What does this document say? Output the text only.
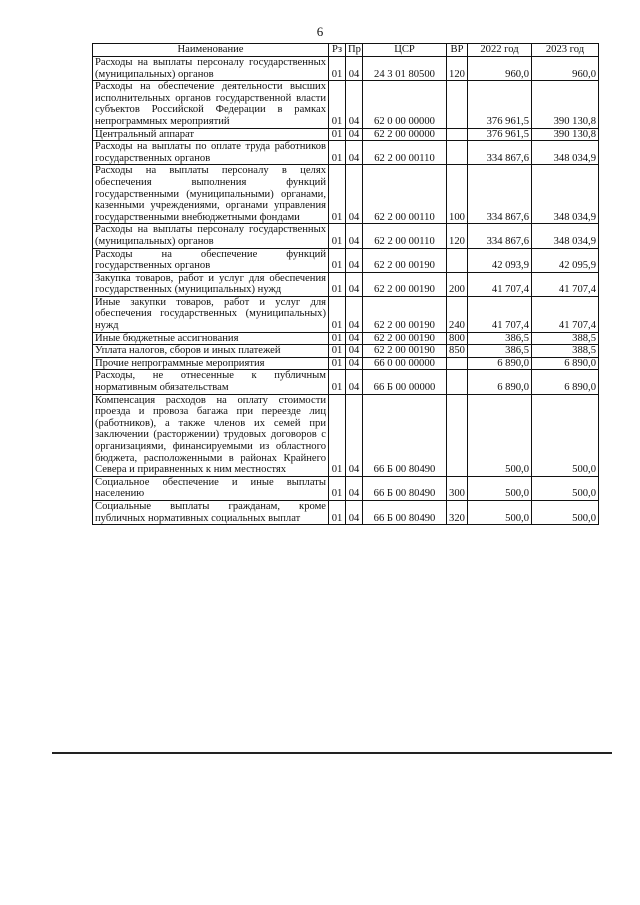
6
Наименование	Рз	Пр	ЦСР	ВР	2022 год	2023 год
Расходы на выплаты персоналу государственных (муниципальных) органов	01	04	24 3 01 80500	120	960,0	960,0
Расходы на обеспечение деятельности высших исполнительных органов государственной власти субъектов Российской Федерации в рамках непрограммных мероприятий	01	04	62 0 00 00000		376 961,5	390 130,8
Центральный аппарат	01	04	62 2 00 00000		376 961,5	390 130,8
Расходы на выплаты по оплате труда работников государственных органов	01	04	62 2 00 00110		334 867,6	348 034,9
Расходы на выплаты персоналу в целях обеспечения выполнения функций государственными (муниципальными) органами, казенными учреждениями, органами управления государственными внебюджетными фондами	01	04	62 2 00 00110	100	334 867,6	348 034,9
Расходы на выплаты персоналу государственных (муниципальных) органов	01	04	62 2 00 00110	120	334 867,6	348 034,9
Расходы на обеспечение функций государственных органов	01	04	62 2 00 00190		42 093,9	42 095,9
Закупка товаров, работ и услуг для обеспечения государственных (муниципальных) нужд	01	04	62 2 00 00190	200	41 707,4	41 707,4
Иные закупки товаров, работ и услуг для обеспечения государственных (муниципальных) нужд	01	04	62 2 00 00190	240	41 707,4	41 707,4
Иные бюджетные ассигнования	01	04	62 2 00 00190	800	386,5	388,5
Уплата налогов, сборов и иных платежей	01	04	62 2 00 00190	850	386,5	388,5
Прочие непрограммные мероприятия	01	04	66 0 00 00000		6 890,0	6 890,0
Расходы, не отнесенные к публичным нормативным обязательствам	01	04	66 Б 00 00000		6 890,0	6 890,0
Компенсация расходов на оплату стоимости проезда и провоза багажа при переезде лиц (работников), а также членов их семей при заключении (расторжении) трудовых договоров с организациями, финансируемыми из областного бюджета, расположенными в районах Крайнего Севера и приравненных к ним местностях	01	04	66 Б 00 80490		500,0	500,0
Социальное обеспечение и иные выплаты населению	01	04	66 Б 00 80490	300	500,0	500,0
Социальные выплаты гражданам, кроме публичных нормативных социальных выплат	01	04	66 Б 00 80490	320	500,0	500,0
